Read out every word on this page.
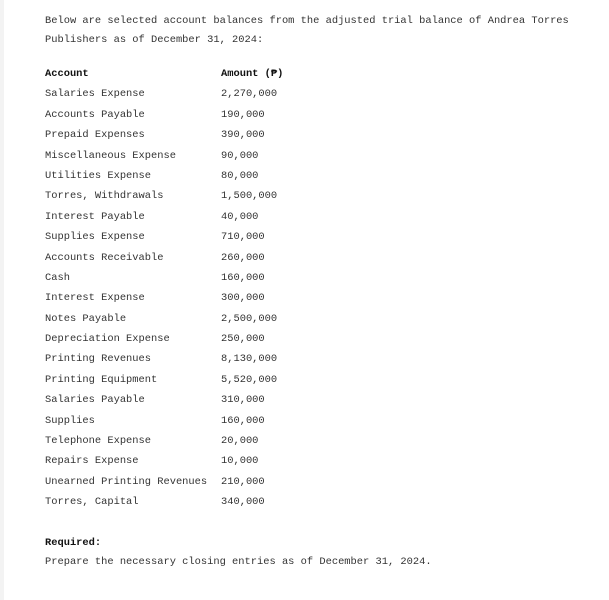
Below are selected account balances from the adjusted trial balance of Andrea Torres
Publishers as of December 31, 2024:
Account	Amount (₱)
Salaries Expense	2,270,000
Accounts Payable	190,000
Prepaid Expenses	390,000
Miscellaneous Expense	90,000
Utilities Expense	80,000
Torres, Withdrawals	1,500,000
Interest Payable	40,000
Supplies Expense	710,000
Accounts Receivable	260,000
Cash	160,000
Interest Expense	300,000
Notes Payable	2,500,000
Depreciation Expense	250,000
Printing Revenues	8,130,000
Printing Equipment	5,520,000
Salaries Payable	310,000
Supplies	160,000
Telephone Expense	20,000
Repairs Expense	10,000
Unearned Printing Revenues 210,000
Torres, Capital	340,000
Required:
Prepare the necessary closing entries as of December 31, 2024.
